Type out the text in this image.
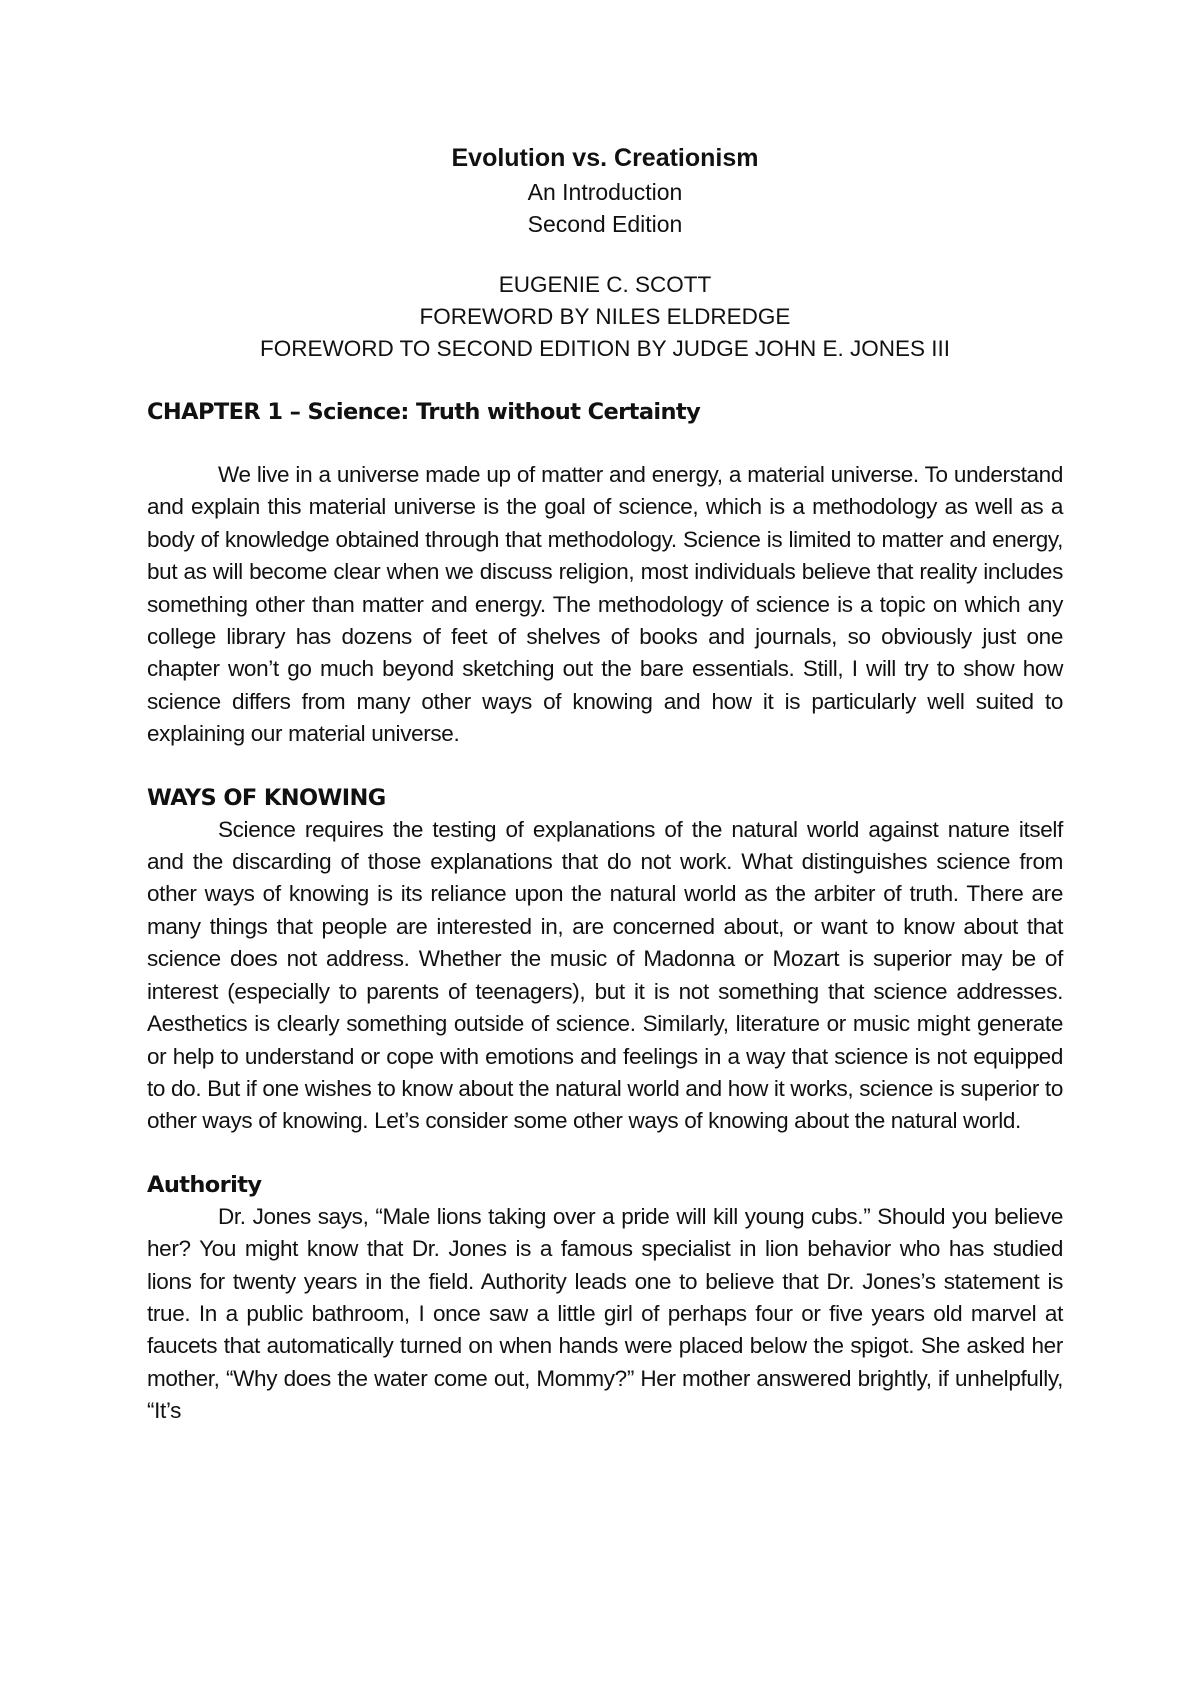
Evolution vs. Creationism
An Introduction
Second Edition
EUGENIE C. SCOTT
FOREWORD BY NILES ELDREDGE
FOREWORD TO SECOND EDITION BY JUDGE JOHN E. JONES III
CHAPTER 1 – Science: Truth without Certainty

We live in a universe made up of matter and energy, a material universe. To understand and explain this material universe is the goal of science, which is a methodology as well as a body of knowledge obtained through that methodology. Science is limited to matter and energy, but as will become clear when we discuss religion, most individuals believe that reality includes something other than matter and energy. The methodology of science is a topic on which any college library has dozens of feet of shelves of books and journals, so obviously just one chapter won’t go much beyond sketching out the bare essentials. Still, I will try to show how science differs from many other ways of knowing and how it is particularly well suited to explaining our material universe.

WAYS OF KNOWING

Science requires the testing of explanations of the natural world against nature itself and the discarding of those explanations that do not work. What distinguishes science from other ways of knowing is its reliance upon the natural world as the arbiter of truth. There are many things that people are interested in, are concerned about, or want to know about that science does not address. Whether the music of Madonna or Mozart is superior may be of interest (especially to parents of teenagers), but it is not something that science addresses. Aesthetics is clearly something outside of science. Similarly, literature or music might generate or help to understand or cope with emotions and feelings in a way that science is not equipped to do. But if one wishes to know about the natural world and how it works, science is superior to other ways of knowing. Let’s consider some other ways of knowing about the natural world.

Authority

Dr. Jones says, “Male lions taking over a pride will kill young cubs.” Should you believe her? You might know that Dr. Jones is a famous specialist in lion behavior who has studied lions for twenty years in the field. Authority leads one to believe that Dr. Jones’s statement is true. In a public bathroom, I once saw a little girl of perhaps four or five years old marvel at faucets that automatically turned on when hands were placed below the spigot. She asked her mother, “Why does the water come out, Mommy?” Her mother answered brightly, if unhelpfully, “It’s
